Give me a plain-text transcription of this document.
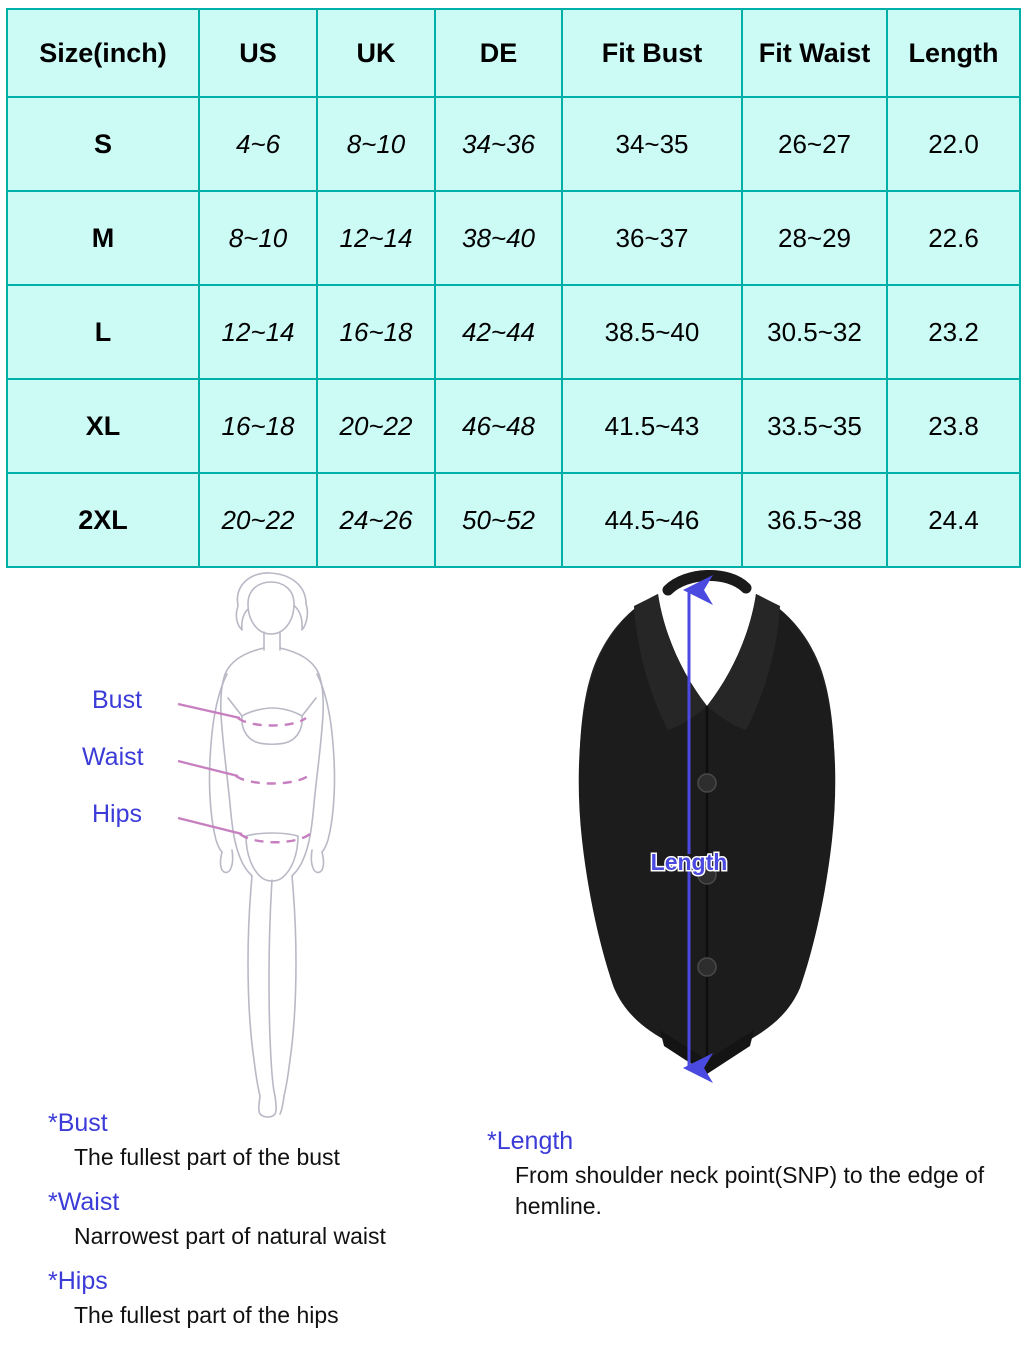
Size(inch)	US	UK	DE	Fit Bust	Fit Waist	Length
S	4~6	8~10	34~36	34~35	26~27	22.0
M	8~10	12~14	38~40	36~37	28~29	22.6
L	12~14	16~18	42~44	38.5~40	30.5~32	23.2
XL	16~18	20~22	46~48	41.5~43	33.5~35	23.8
2XL	20~22	24~26	50~52	44.5~46	36.5~38	24.4
Bust
Waist
Hips
Length

*Bust

The fullest part of the bust

*Waist

Narrowest part of natural waist

*Hips

The fullest part of the hips

*Length

From shoulder neck point(SNP) to the edge of hemline.
